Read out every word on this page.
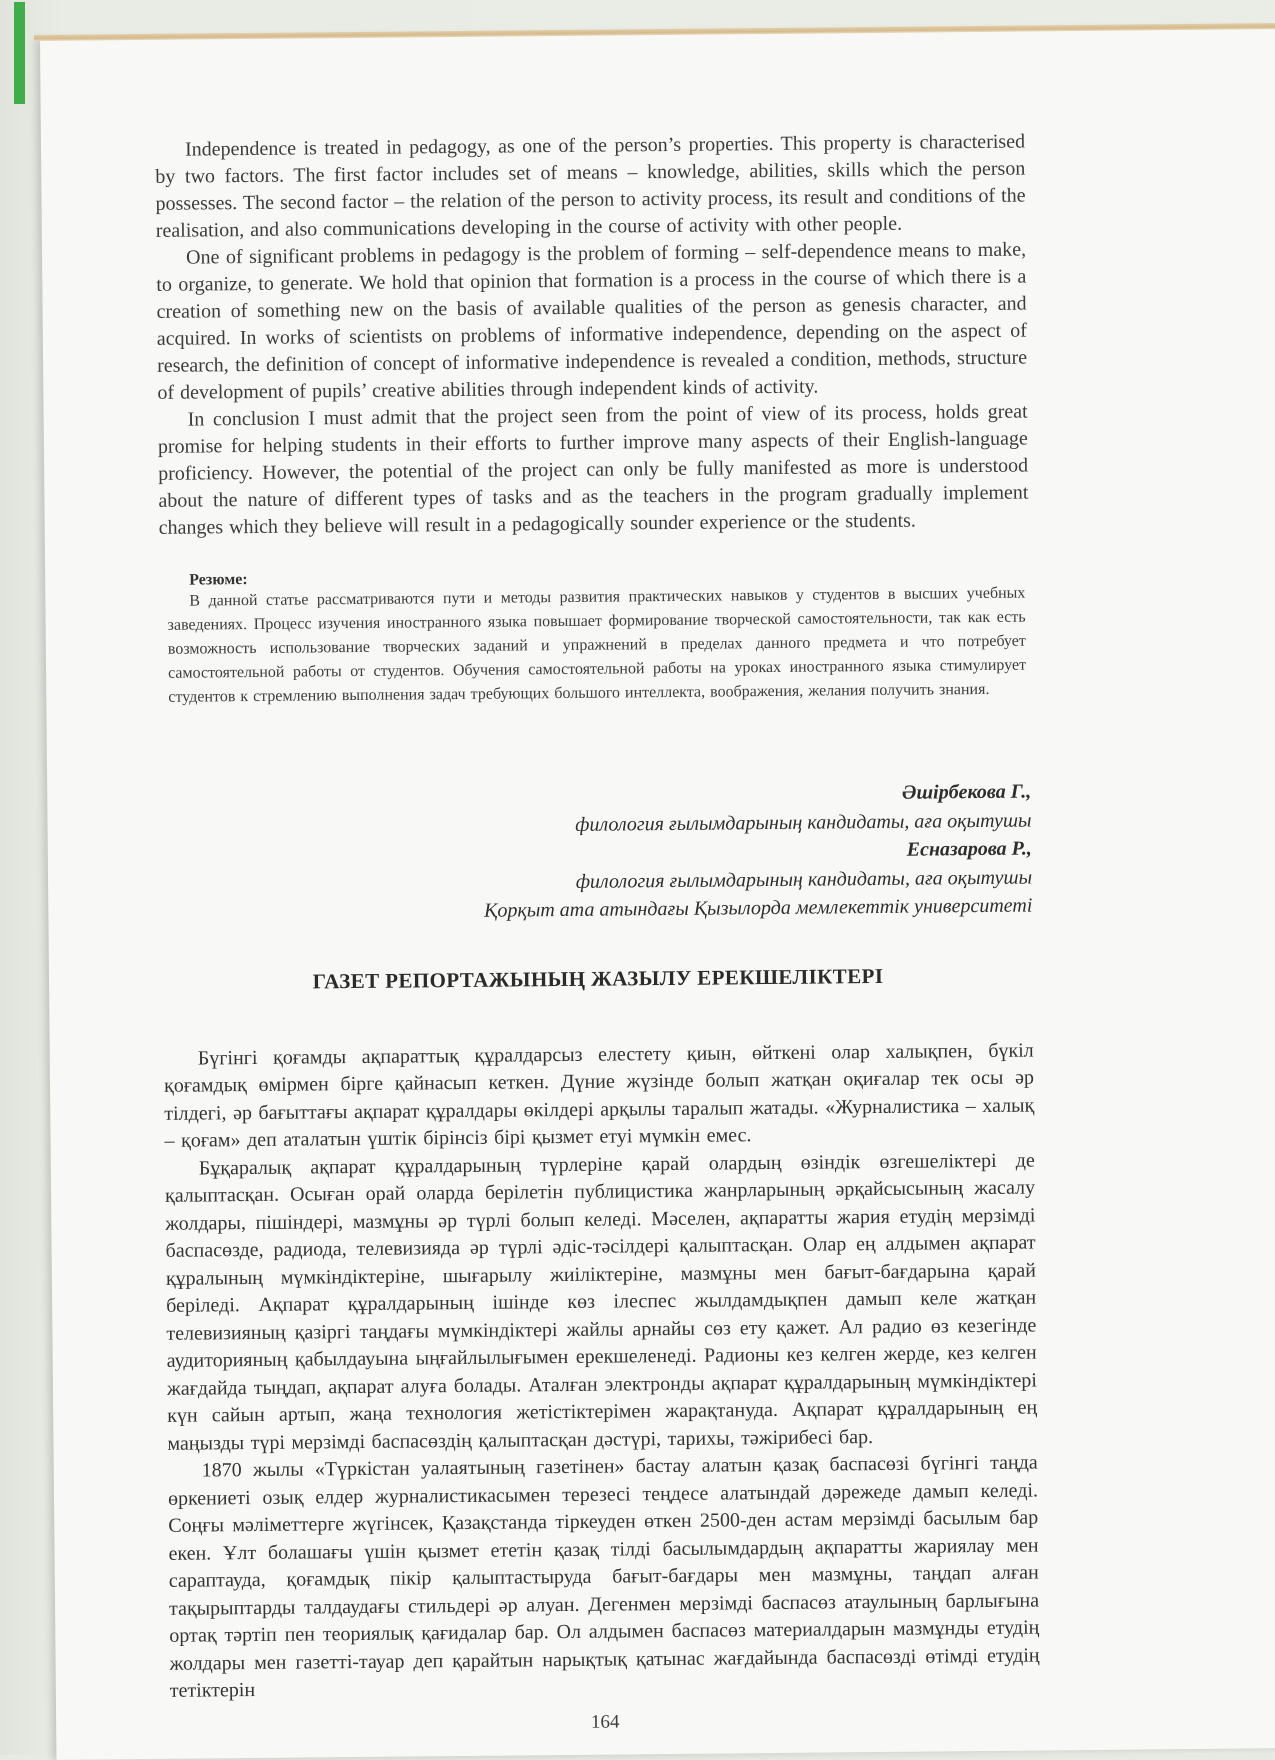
Independence is treated in pedagogy, as one of the person’s properties. This property is characterised by two factors. The first factor includes set of means – knowledge, abilities, skills which the person possesses. The second factor – the relation of the person to activity process, its result and conditions of the realisation, and also communications developing in the course of activity with other people.

One of significant problems in pedagogy is the problem of forming – self-dependence means to make, to organize, to generate. We hold that opinion that formation is a process in the course of which there is a creation of something new on the basis of available qualities of the person as genesis character, and acquired. In works of scientists on problems of informative independence, depending on the aspect of research, the definition of concept of informative independence is revealed a condition, methods, structure of development of pupils’ creative abilities through independent kinds of activity.

In conclusion I must admit that the project seen from the point of view of its process, holds great promise for helping students in their efforts to further improve many aspects of their English-language proficiency. However, the potential of the project can only be fully manifested as more is understood about the nature of different types of tasks and as the teachers in the program gradually implement changes which they believe will result in a pedagogically sounder experience or the students.

Резюме:

В данной статье рассматриваются пути и методы развития практических навыков у студентов в высших учебных заведениях. Процесс изучения иностранного языка повышает формирование творческой самостоятельности, так как есть возможность использование творческих заданий и упражнений в пределах данного предмета и что потребует самостоятельной работы от студентов. Обучения самостоятельной работы на уроках иностранного языка стимулирует студентов к стремлению выполнения задач требующих большого интеллекта, воображения, желания получить знания.

Әшірбекова Г.,

филология ғылымдарының кандидаты, аға оқытушы

Есназарова Р.,

филология ғылымдарының кандидаты, аға оқытушы

Қорқыт ата атындағы Қызылорда мемлекеттік университеті

ГАЗЕТ РЕПОРТАЖЫНЫҢ ЖАЗЫЛУ ЕРЕКШЕЛІКТЕРІ

Бүгінгі қоғамды ақпараттық құралдарсыз елестету қиын, өйткені олар халықпен, бүкіл қоғамдық өмірмен бірге қайнасып кеткен. Дүние жүзінде болып жатқан оқиғалар тек осы әр тілдегі, әр бағыттағы ақпарат құралдары өкілдері арқылы таралып жатады. «Журналистика – халық – қоғам» деп аталатын үштік бірінсіз бірі қызмет етуі мүмкін емес.

Бұқаралық ақпарат құралдарының түрлеріне қарай олардың өзіндік өзгешеліктері де қалыптасқан. Осыған орай оларда берілетін публицистика жанрларының әрқайсысының жасалу жолдары, пішіндері, мазмұны әр түрлі болып келеді. Мәселен, ақпаратты жария етудің мерзімді баспасөзде, радиода, телевизияда әр түрлі әдіс-тәсілдері қалыптасқан. Олар ең алдымен ақпарат құралының мүмкіндіктеріне, шығарылу жиіліктеріне, мазмұны мен бағыт-бағдарына қарай беріледі. Ақпарат құралдарының ішінде көз ілеспес жылдамдықпен дамып келе жатқан телевизияның қазіргі таңдағы мүмкіндіктері жайлы арнайы сөз ету қажет. Ал радио өз кезегінде аудиторияның қабылдауына ыңғайлылығымен ерекшеленеді. Радионы кез келген жерде, кез келген жағдайда тыңдап, ақпарат алуға болады. Аталған электронды ақпарат құралдарының мүмкіндіктері күн сайын артып, жаңа технология жетістіктерімен жарақтануда. Ақпарат құралдарының ең маңызды түрі мерзімді баспасөздің қалыптасқан дәстүрі, тарихы, тәжірибесі бар.

1870 жылы «Түркістан уалаятының газетінен» бастау алатын қазақ баспасөзі бүгінгі таңда өркениеті озық елдер журналистикасымен терезесі теңдесе алатындай дәрежеде дамып келеді. Соңғы мәліметтерге жүгінсек, Қазақстанда тіркеуден өткен 2500-ден астам мерзімді басылым бар екен. Ұлт болашағы үшін қызмет ететін қазақ тілді басылымдардың ақпаратты жариялау мен сараптауда, қоғамдық пікір қалыптастыруда бағыт-бағдары мен мазмұны, таңдап алған тақырыптарды талдаудағы стильдері әр алуан. Дегенмен мерзімді баспасөз атаулының барлығына ортақ тәртіп пен теориялық қағидалар бар. Ол алдымен баспасөз материалдарын мазмұнды етудің жолдары мен газетті-тауар деп қарайтын нарықтық қатынас жағдайында баспасөзді өтімді етудің тетіктерін

164
